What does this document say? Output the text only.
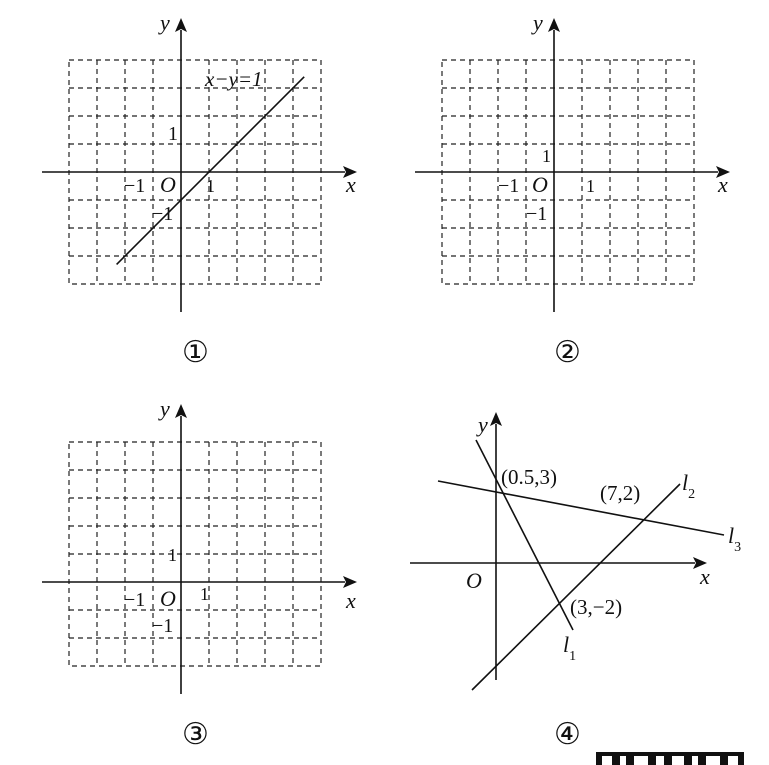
x
y
O 1
1
−1
−1
x−y=1
①
x
y
O 1
1
−1
−1
②
x
y
O 1
1
−1
−1
③
y
x
O
(0.5,3)
(7,2)
(3,−2)
$l_1$
$l_2$
$l_3$
④
